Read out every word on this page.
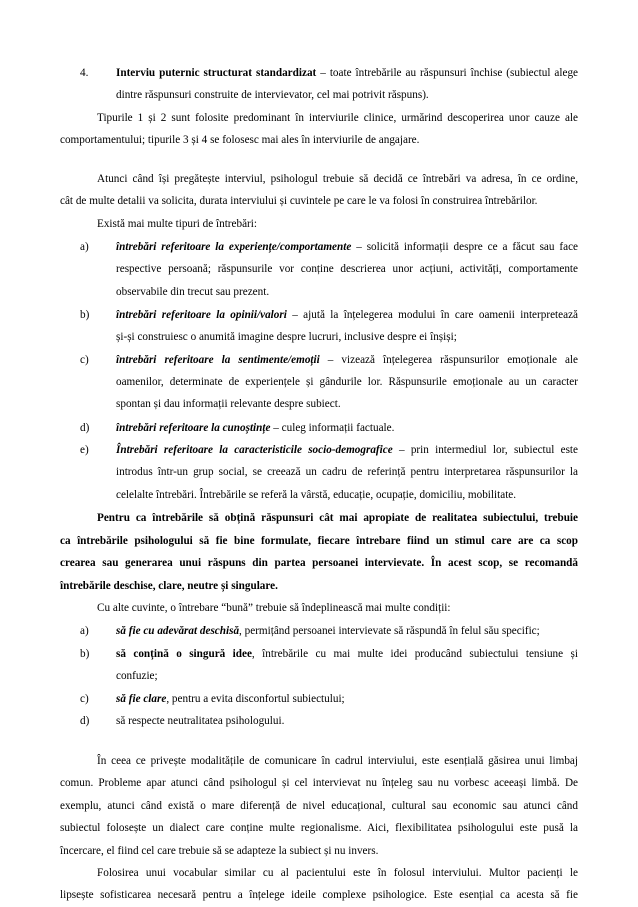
4. Interviu puternic structurat standardizat – toate întrebările au răspunsuri închise (subiectul alege
dintre răspunsuri construite de intervievator, cel mai potrivit răspuns).
Tipurile 1 și 2 sunt folosite predominant în interviurile clinice, urmărind descoperirea unor cauze ale
comportamentului; tipurile 3 și 4 se folosesc mai ales în interviurile de angajare.
Atunci când își pregătește interviul, psihologul trebuie să decidă ce întrebări va adresa, în ce ordine,
cât de multe detalii va solicita, durata interviului și cuvintele pe care le va folosi în construirea întrebărilor.
Există mai multe tipuri de întrebări:
a) întrebări referitoare la experiențe/comportamente – solicită informații despre ce a făcut sau face
respective persoană; răspunsurile vor conține descrierea unor acțiuni, activități, comportamente
observabile din trecut sau prezent.
b) întrebări referitoare la opinii/valori – ajută la înțelegerea modului în care oamenii interpretează
și-și construiesc o anumită imagine despre lucruri, inclusive despre ei înșiși;
c) întrebări referitoare la sentimente/emoții – vizează înțelegerea răspunsurilor emoționale ale
oamenilor, determinate de experiențele și gândurile lor. Răspunsurile emoționale au un caracter
spontan și dau informații relevante despre subiect.
d) întrebări referitoare la cunoștințe – culeg informații factuale.
e) Întrebări referitoare la caracteristicile socio-demografice – prin intermediul lor, subiectul este
introdus într-un grup social, se creează un cadru de referință pentru interpretarea răspunsurilor la
celelalte întrebări. Întrebările se referă la vârstă, educație, ocupație, domiciliu, mobilitate.
Pentru ca întrebările să obțină răspunsuri cât mai apropiate de realitatea subiectului, trebuie
ca întrebările psihologului să fie bine formulate, fiecare întrebare fiind un stimul care are ca scop
crearea sau generarea unui răspuns din partea persoanei intervievate. În acest scop, se recomandă
întrebările deschise, clare, neutre și singulare.
Cu alte cuvinte, o întrebare “bună” trebuie să îndeplinească mai multe condiții:
a) să fie cu adevărat deschisă, permițând persoanei intervievate să răspundă în felul său specific;
b) să conțină o singură idee, întrebările cu mai multe idei producând subiectului tensiune și
confuzie;
c) să fie clare, pentru a evita disconfortul subiectului;
d) să respecte neutralitatea psihologului.
În ceea ce privește modalitățile de comunicare în cadrul interviului, este esențială găsirea unui limbaj
comun. Probleme apar atunci când psihologul și cel intervievat nu înțeleg sau nu vorbesc aceeași limbă. De
exemplu, atunci când există o mare diferență de nivel educațional, cultural sau economic sau atunci când
subiectul folosește un dialect care conține multe regionalisme. Aici, flexibilitatea psihologului este pusă la
încercare, el fiind cel care trebuie să se adapteze la subiect și nu invers.
Folosirea unui vocabular similar cu al pacientului este în folosul interviului. Multor pacienți le
lipsește sofisticarea necesară pentru a înțelege ideile complexe psihologice. Este esențial ca acesta să fie
